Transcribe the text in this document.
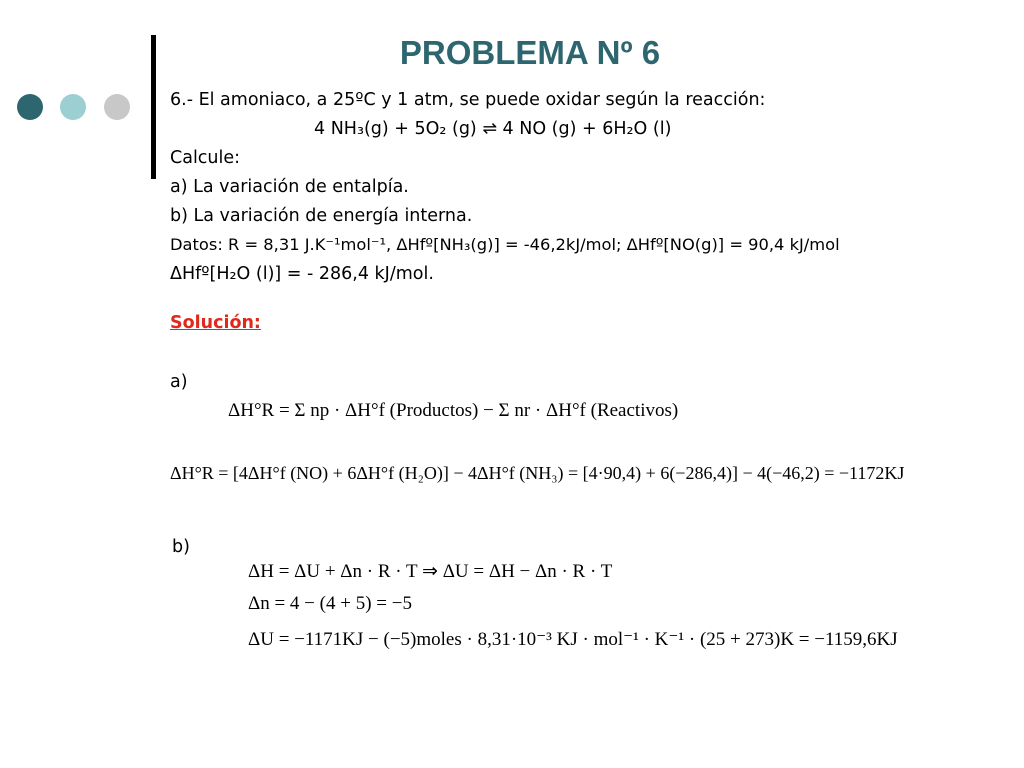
PROBLEMA Nº 6
6.- El amoniaco, a 25ºC y 1 atm, se puede oxidar según la reacción:
4 NH₃(g) + 5O₂ (g) ⇌ 4 NO (g) + 6H₂O (l)
Calcule:
a) La variación de entalpía.
b) La variación de energía interna.
Datos: R = 8,31 J.K⁻¹mol⁻¹, ΔHfº[NH₃(g)] = -46,2kJ/mol; ΔHfº[NO(g)] = 90,4 kJ/mol
ΔHfº[H₂O (l)] = - 286,4 kJ/mol.
Solución:
a)
ΔH°R = Σ np · ΔH°f (Productos) − Σ nr · ΔH°f (Reactivos)
ΔH°R = [4ΔH°f (NO) + 6ΔH°f (H₂O)] − 4ΔH°f (NH₃) = [4·90,4) + 6(−286,4)] − 4(−46,2) = −1172KJ
b)
ΔH = ΔU + Δn · R · T ⇒ ΔU = ΔH − Δn · R · T
Δn = 4 − (4 + 5) = −5
ΔU = −1171KJ − (−5)moles · 8,31·10⁻³ KJ · mol⁻¹ · K⁻¹ · (25 + 273)K = −1159,6KJ
